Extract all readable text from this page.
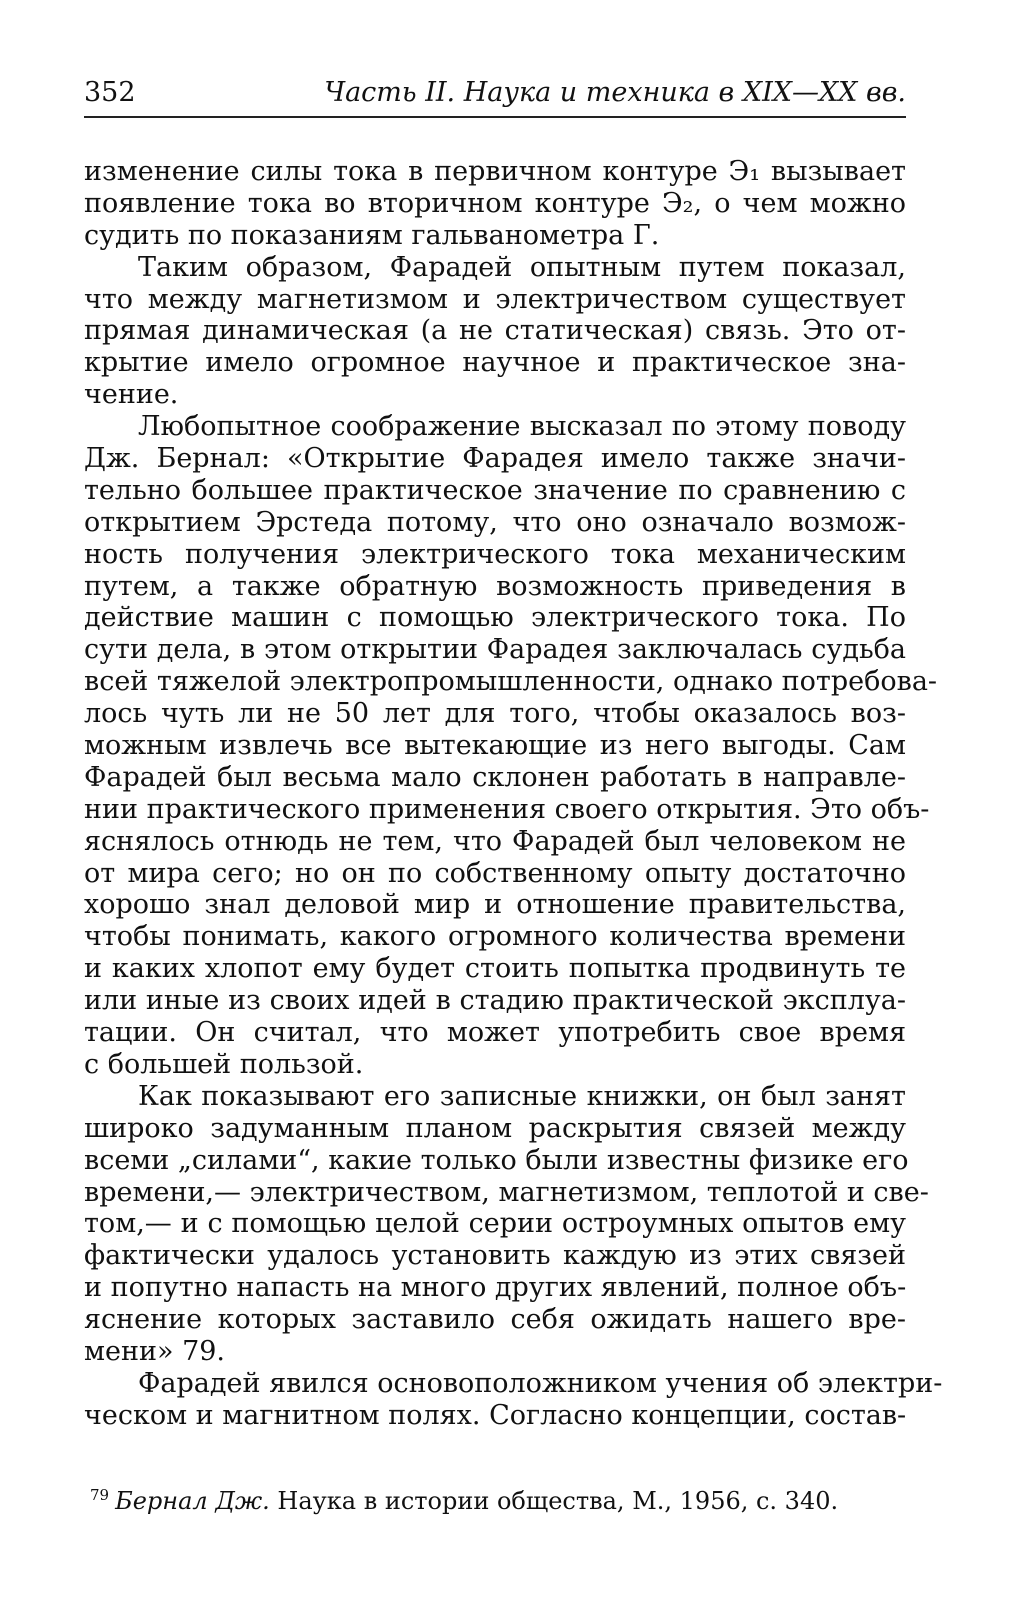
352	Часть II. Наука и техника в XIX—XX вв.
изменение силы тока в первичном контуре Э₁ вызывает
появление тока во вторичном контуре Э₂, о чем можно
судить по показаниям гальванометра Г.
Таким образом, Фарадей опытным путем показал,
что между магнетизмом и электричеством существует
прямая динамическая (а не статическая) связь. Это от-
крытие имело огромное научное и практическое зна-
чение.
Любопытное соображение высказал по этому поводу
Дж. Бернал: «Открытие Фарадея имело также значи-
тельно большее практическое значение по сравнению с
открытием Эрстеда потому, что оно означало возмож-
ность получения электрического тока механическим
путем, а также обратную возможность приведения в
действие машин с помощью электрического тока. По
сути дела, в этом открытии Фарадея заключалась судьба
всей тяжелой электропромышленности, однако потребова-
лось чуть ли не 50 лет для того, чтобы оказалось воз-
можным извлечь все вытекающие из него выгоды. Сам
Фарадей был весьма мало склонен работать в направле-
нии практического применения своего открытия. Это объ-
яснялось отнюдь не тем, что Фарадей был человеком не
от мира сего; но он по собственному опыту достаточно
хорошо знал деловой мир и отношение правительства,
чтобы понимать, какого огромного количества времени
и каких хлопот ему будет стоить попытка продвинуть те
или иные из своих идей в стадию практической эксплуа-
тации. Он считал, что может употребить свое время
с большей пользой.
Как показывают его записные книжки, он был занят
широко задуманным планом раскрытия связей между
всеми „силами“, какие только были известны физике его
времени,— электричеством, магнетизмом, теплотой и све-
том,— и с помощью целой серии остроумных опытов ему
фактически удалось установить каждую из этих связей
и попутно напасть на много других явлений, полное объ-
яснение которых заставило себя ожидать нашего вре-
мени» 79.
Фарадей явился основоположником учения об электри-
ческом и магнитном полях. Согласно концепции, состав-
$^{79}$ Бернал Дж. Наука в истории общества, М., 1956, с. 340.
